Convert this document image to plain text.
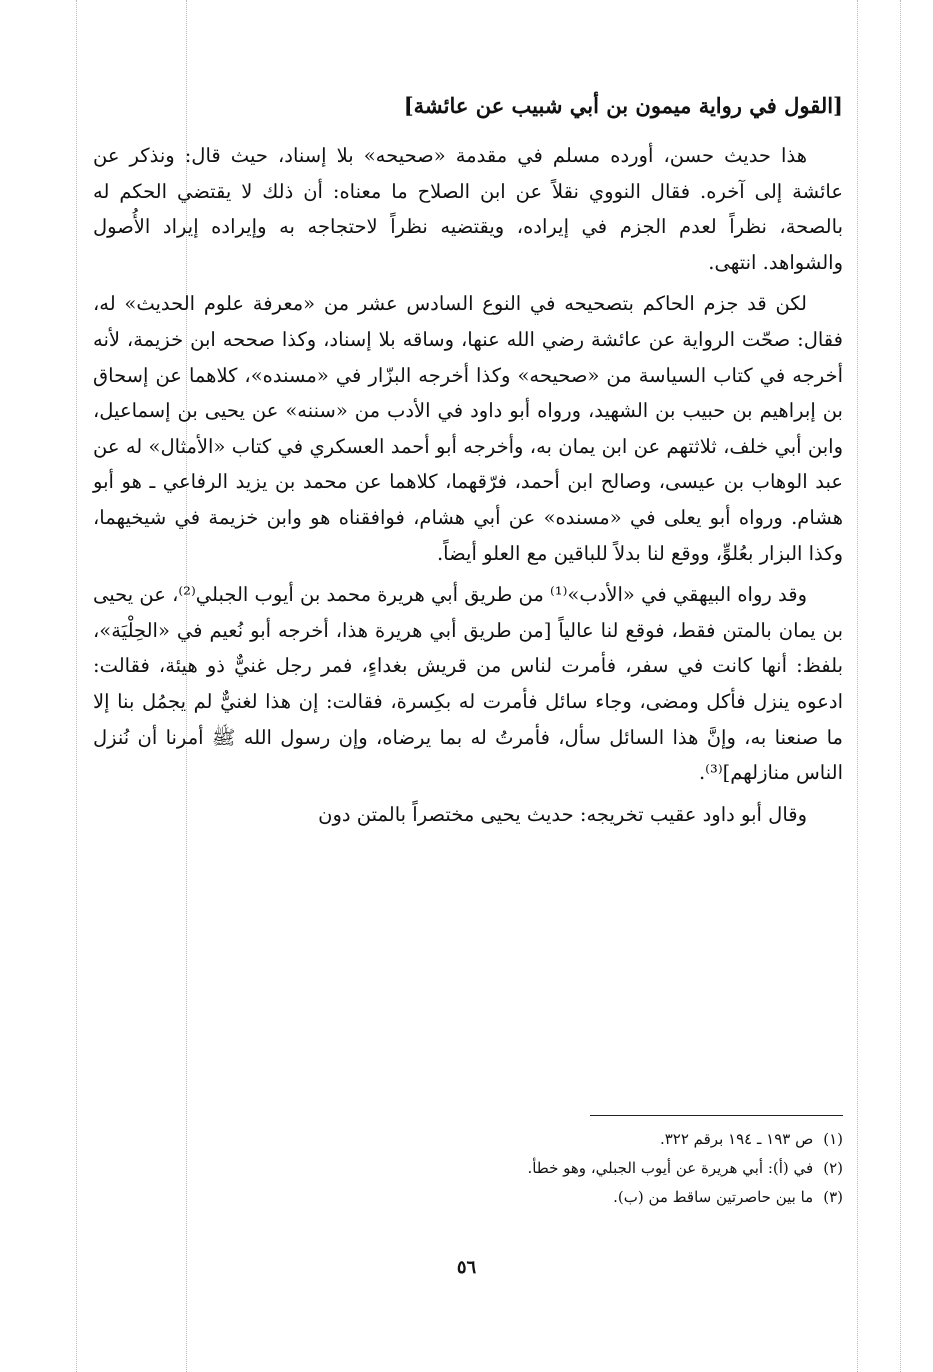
[القول في رواية ميمون بن أبي شبيب عن عائشة]

هذا حديث حسن، أورده مسلم في مقدمة «صحيحه» بلا إسناد، حيث قال: ونذكر عن عائشة إلى آخره. فقال النووي نقلاً عن ابن الصلاح ما معناه: أن ذلك لا يقتضي الحكم له بالصحة، نظراً لعدم الجزم في إيراده، ويقتضيه نظراً لاحتجاجه به وإيراده إيراد الأُصول والشواهد. انتهى.

لكن قد جزم الحاكم بتصحيحه في النوع السادس عشر من «معرفة علوم الحديث» له، فقال: صحّت الرواية عن عائشة رضي الله عنها، وساقه بلا إسناد، وكذا صححه ابن خزيمة، لأنه أخرجه في كتاب السياسة من «صحيحه» وكذا أخرجه البزّار في «مسنده»، كلاهما عن إسحاق بن إبراهيم بن حبيب بن الشهيد، ورواه أبو داود في الأدب من «سننه» عن يحيى بن إسماعيل، وابن أبي خلف، ثلاثتهم عن ابن يمان به، وأخرجه أبو أحمد العسكري في كتاب «الأمثال» له عن عبد الوهاب بن عيسى، وصالح ابن أحمد، فرّقهما، كلاهما عن محمد بن يزيد الرفاعي ـ هو أبو هشام. ورواه أبو يعلى في «مسنده» عن أبي هشام، فوافقناه هو وابن خزيمة في شيخيهما، وكذا البزار بعُلوٍّ، ووقع لنا بدلاً للباقين مع العلو أيضاً.

وقد رواه البيهقي في «الأدب»⁽¹⁾ من طريق أبي هريرة محمد بن أيوب الجبلي⁽²⁾، عن يحيى بن يمان بالمتن فقط، فوقع لنا عالياً [من طريق أبي هريرة هذا، أخرجه أبو نُعيم في «الحِلْيَة»، بلفظ: أنها كانت في سفر، فأمرت لناس من قريش بغداءٍ، فمر رجل غنيٌّ ذو هيئة، فقالت: ادعوه ينزل فأكل ومضى، وجاء سائل فأمرت له بكِسرة، فقالت: إن هذا لغنيٌّ لم يجمُل بنا إلا ما صنعنا به، وإنَّ هذا السائل سأل، فأمرتُ له بما يرضاه، وإن رسول الله ﷺ أمرنا أن نُنزل الناس منازلهم]⁽³⁾.

وقال أبو داود عقيب تخريجه: حديث يحيى مختصراً بالمتن دون

(١)ص ١٩٣ ـ ١٩٤ برقم ٣٢٢.
(٢)في (أ): أبي هريرة عن أيوب الجبلي، وهو خطأ.
(٣)ما بين حاصرتين ساقط من (ب).
٥٦
